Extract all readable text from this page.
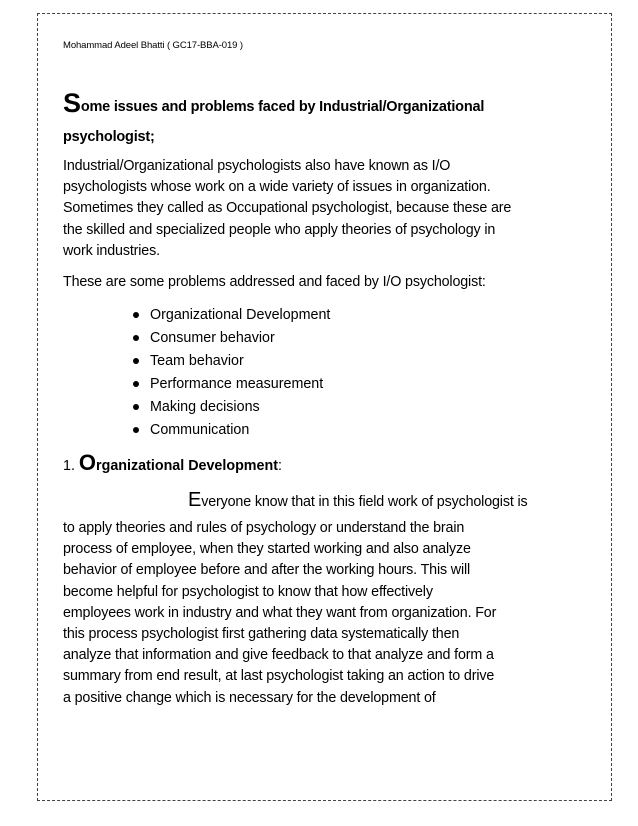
Mohammad Adeel Bhatti ( GC17-BBA-019 )
Some issues and problems faced by Industrial/Organizational
psychologist;
Industrial/Organizational psychologists also have known as I/O
psychologists whose work on a wide variety of issues in organization.
Sometimes they called as Occupational psychologist, because these are
the skilled and specialized people who apply theories of psychology in
work industries.
These are some problems addressed and faced by I/O psychologist:
Organizational Development
Consumer behavior
Team behavior
Performance measurement
Making decisions
Communication
1. Organizational Development:
Everyone know that in this field work of psychologist is
to apply theories and rules of psychology or understand the brain
process of employee, when they started working and also analyze
behavior of employee before and after the working hours. This will
become helpful for psychologist to know that how effectively
employees work in industry and what they want from organization. For
this process psychologist first gathering data systematically then
analyze that information and give feedback to that analyze and form a
summary from end result, at last psychologist taking an action to drive
a positive change which is necessary for the development of
